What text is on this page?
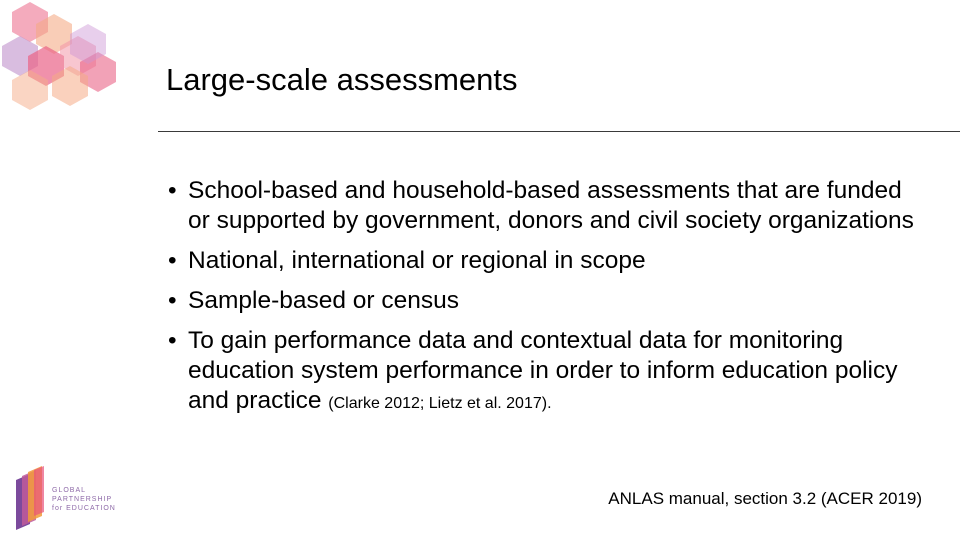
Large-scale assessments
• School-based and household-based assessments that are funded or supported by government, donors and civil society organizations
• National, international or regional in scope
• Sample-based or census
• To gain performance data and contextual data for monitoring education system performance in order to inform education policy and practice (Clarke 2012; Lietz et al. 2017).
GLOBAL
PARTNERSHIP
for EDUCATION
ANLAS manual, section 3.2 (ACER 2019)
